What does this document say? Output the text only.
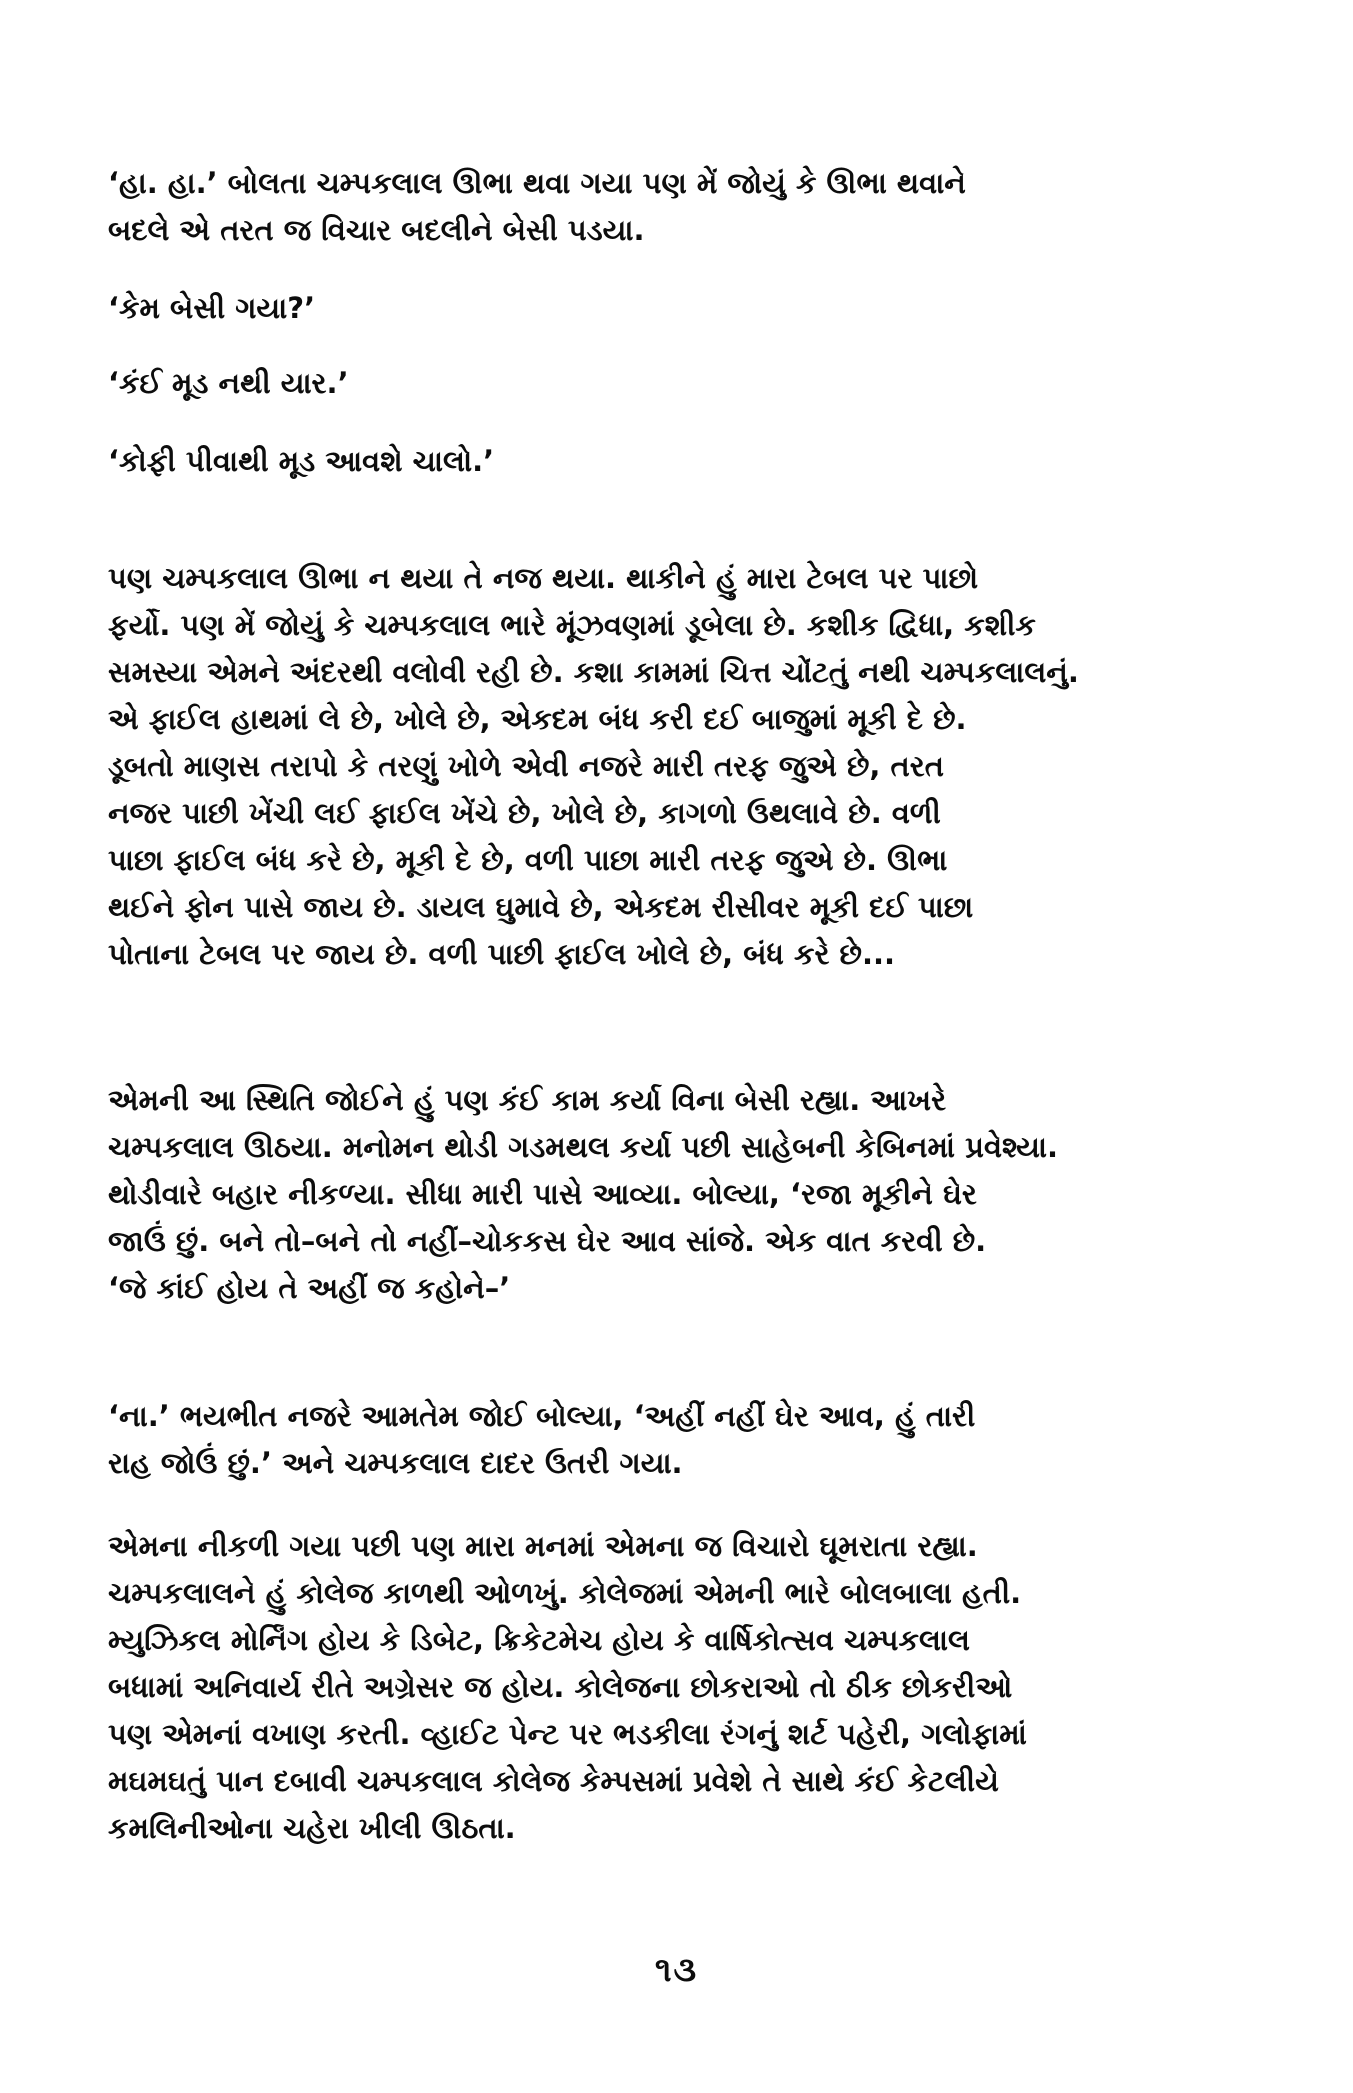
‘હા. હા.’ બોલતા ચમ્પકલાલ ઊભા થવા ગયા પણ મેં જોયું કે ઊભા થવાને
બદલે એ તરત જ વિચાર બદલીને બેસી પડયા.
‘કેમ બેસી ગયા?’
‘કંઈ મૂડ નથી યાર.’
‘કોફી પીવાથી મૂડ આવશે ચાલો.’
પણ ચમ્પકલાલ ઊભા ન થયા તે નજ થયા. થાકીને હું મારા ટેબલ પર પાછો
ફર્યો. પણ મેં જોયું કે ચમ્પકલાલ ભારે મૂંઝવણમાં ડૂબેલા છે. કશીક દ્વિધા, કશીક
સમસ્યા એમને અંદરથી વલોવી રહી છે. કશા કામમાં ચિત્ત ચોંટતું નથી ચમ્પકલાલનું.
એ ફાઈલ હાથમાં લે છે, ખોલે છે, એકદમ બંધ કરી દઈ બાજુમાં મૂકી દે છે.
ડૂબતો માણસ તરાપો કે તરણું ખોળે એવી નજરે મારી તરફ જુએ છે, તરત
નજર પાછી ખેંચી લઈ ફાઈલ ખેંચે છે, ખોલે છે, કાગળો ઉથલાવે છે. વળી
પાછા ફાઈલ બંધ કરે છે, મૂકી દે છે, વળી પાછા મારી તરફ જુએ છે. ઊભા
થઈને ફોન પાસે જાય છે. ડાયલ ઘુમાવે છે, એકદમ રીસીવર મૂકી દઈ પાછા
પોતાના ટેબલ પર જાય છે. વળી પાછી ફાઈલ ખોલે છે, બંધ કરે છે...
એમની આ સ્થિતિ જોઈને હું પણ કંઈ કામ કર્યા વિના બેસી રહ્યા. આખરે
ચમ્પકલાલ ઊઠયા. મનોમન થોડી ગડમથલ કર્યા પછી સાહેબની કેબિનમાં પ્રવેશ્યા.
થોડીવારે બહાર નીકળ્યા. સીધા મારી પાસે આવ્યા. બોલ્યા, ‘રજા મૂકીને ઘેર
જાઉં છું. બને તો–બને તો નહીં–ચોકકસ ઘેર આવ સાંજે. એક વાત કરવી છે.
‘જે કાંઈ હોય તે અહીં જ કહોને–’
‘ના.’ ભયભીત નજરે આમતેમ જોઈ બોલ્યા, ‘અહીં નહીં ઘેર આવ, હું તારી
રાહ જોઉં છું.’ અને ચમ્પકલાલ દાદર ઉતરી ગયા.
એમના નીકળી ગયા પછી પણ મારા મનમાં એમના જ વિચારો ઘૂમરાતા રહ્યા.
ચમ્પકલાલને હું કોલેજ કાળથી ઓળખું. કોલેજમાં એમની ભારે બોલબાલા હતી.
મ્યુઝિકલ મોર્નિંગ હોય કે ડિબેટ, ક્રિકેટમેચ હોય કે વાર્ષિકોત્સવ ચમ્પકલાલ
બધામાં અનિવાર્ય રીતે અગ્રેસર જ હોય. કોલેજના છોકરાઓ તો ઠીક છોકરીઓ
પણ એમનાં વખાણ કરતી. વ્હાઈટ પેન્ટ પર ભડકીલા રંગનું શર્ટ પહેરી, ગલોફામાં
મઘમઘતું પાન દબાવી ચમ્પકલાલ કોલેજ કેમ્પસમાં પ્રવેશે તે સાથે કંઈ કેટલીયે
કમલિનીઓના ચહેરા ખીલી ઊઠતા.
૧૩
